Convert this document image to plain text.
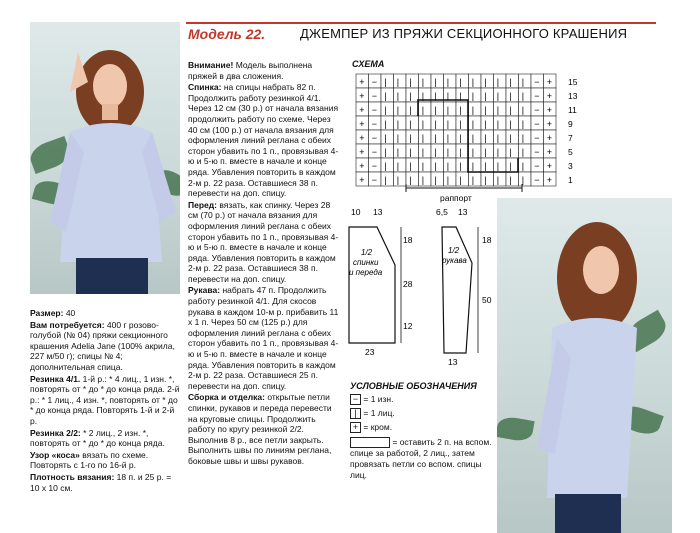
Модель 22.	ДЖЕМПЕР ИЗ ПРЯЖИ СЕКЦИОННОГО КРАШЕНИЯ

Размер: 40

Вам потребуется: 400 г розово-голубой (№ 04) пряжи секционного крашения Adelia Jane (100% акрила, 227 м/50 г); спицы № 4; дополнительная спица.

Резинка 4/1. 1-й р.: * 4 лиц., 1 изн. *, повторять от * до * до конца ряда. 2-й р.: * 1 лиц., 4 изн. *, повторять от * до * до конца ряда. Повторять 1-й и 2-й р.

Резинка 2/2: * 2 лиц., 2 изн. *, повторять от * до * до конца ряда.

Узор «коса» вязать по схеме. Повторять с 1-го по 16-й р.

Плотность вязания: 18 п. и 25 р. = 10 х 10 см.

Внимание! Модель выполнена пряжей в два сложения.

Спинка: на спицы набрать 82 п. Продолжить работу резинкой 4/1. Через 12 см (30 р.) от начала вязания продолжить работу по схеме. Через 40 см (100 р.) от начала вязания для оформления линий реглана с обеих сторон убавить по 1 п., провязывая 4-ю и 5-ю п. вместе в начале и конце ряда. Убавления повторить в каждом 2-м р. 22 раза. Оставшиеся 38 п. перевести на доп. спицу.

Перед: вязать, как спинку. Через 28 см (70 р.) от начала вязания для оформления линий реглана с обеих сторон убавить по 1 п., провязывая 4-ю и 5-ю п. вместе в начале и конце ряда. Убавления повторить в каждом 2-м р. 22 раза. Оставшиеся 38 п. перевести на доп. спицу.

Рукава: набрать 47 п. Продолжить работу резинкой 4/1. Для скосов рукава в каждом 10-м р. прибавить 11 х 1 п. Через 50 см (125 р.) для оформления линий реглана с обеих сторон убавить по 1 п., провязывая 4-ю и 5-ю п. вместе в начале и конце ряда. Убавления повторить в каждом 2-м р. 22 раза. Оставшиеся 25 п. перевести на доп. спицу.

Сборка и отделка: открытые петли спинки, рукавов и переда перевести на круговые спицы. Продолжить работу по кругу резинкой 2/2. Выполнив 8 р., все петли закрыть. Выполнить швы по линиям реглана, боковые швы и швы рукавов.

СХЕМА
+ − | | | | | | | | | | | | − +
+ − | | | | | | | | | | | | − +
+ − | | | | | | | | | | | | − +
+ − | | | | | | | | | | | | − +
+ − | | | | | | | | | | | | − +
+ − | | | | | | | | | | | | − +
+ − | | | | | | | | | | | | − +
+ − | | | | | | | | | | | | − +
15
13
11
9
7
5
3
1
раппорт
10 13
18
28
12
1/2
спинки
и переда
23
6,5 13
18
50
1/2
рукава
13
УСЛОВНЫЕ ОБОЗНАЧЕНИЯ
− = 1 изн.
| = 1 лиц.
+ = кром.
= оставить 2 п. на вспом.
спице за работой, 2 лиц., затем
провязать петли со вспом. спицы
лиц.
